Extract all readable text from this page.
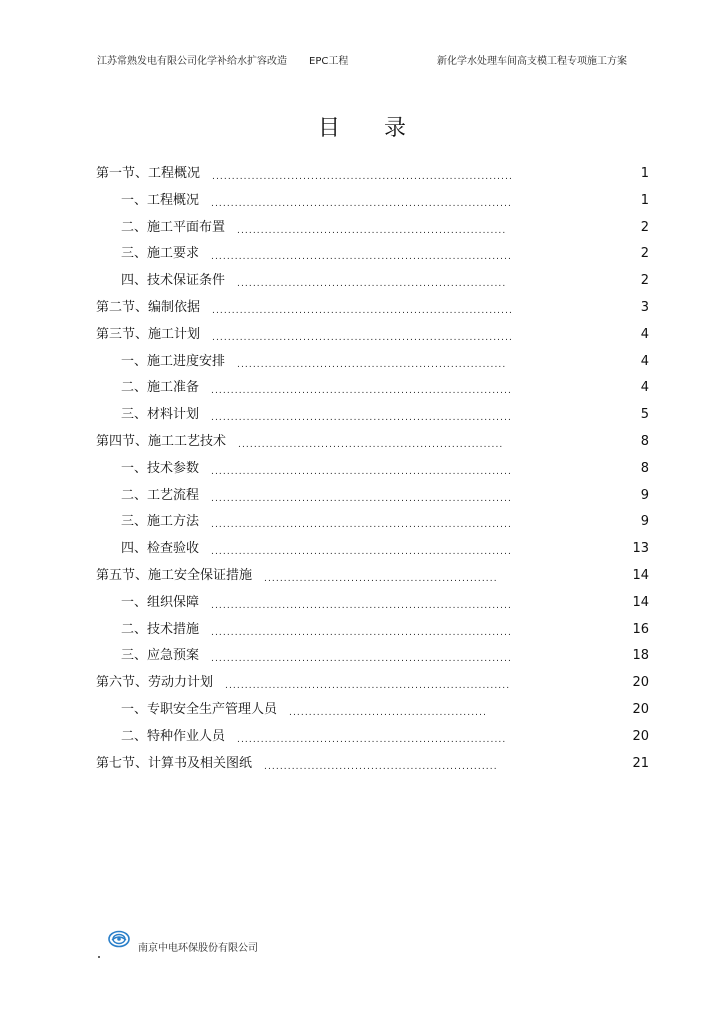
江苏常熟发电有限公司化学补给水扩容改造 EPC工程	新化学水处理车间高支模工程专项施工方案
目录
第一节、工程概况 ............................................................................	1
一、工程概况 ............................................................................	1
二、施工平面布置 ....................................................................	2
三、施工要求 ............................................................................	2
四、技术保证条件 ....................................................................	2
第二节、编制依据 ............................................................................	3
第三节、施工计划 ............................................................................	4
一、施工进度安排 ....................................................................	4
二、施工准备 ............................................................................	4
三、材料计划 ............................................................................	5
第四节、施工工艺技术 ...................................................................	8
一、技术参数 ............................................................................	8
二、工艺流程 ............................................................................	9
三、施工方法 ............................................................................	9
四、检查验收 ............................................................................	13
第五节、施工安全保证措施 ...........................................................	14
一、组织保障 ............................................................................	14
二、技术措施 ............................................................................	16
三、应急预案 ............................................................................	18
第六节、劳动力计划 ........................................................................	20
一、专职安全生产管理人员 ..................................................	20
二、特种作业人员 ....................................................................	20
第七节、计算书及相关图纸 ...........................................................	21
南京中电环保股份有限公司
